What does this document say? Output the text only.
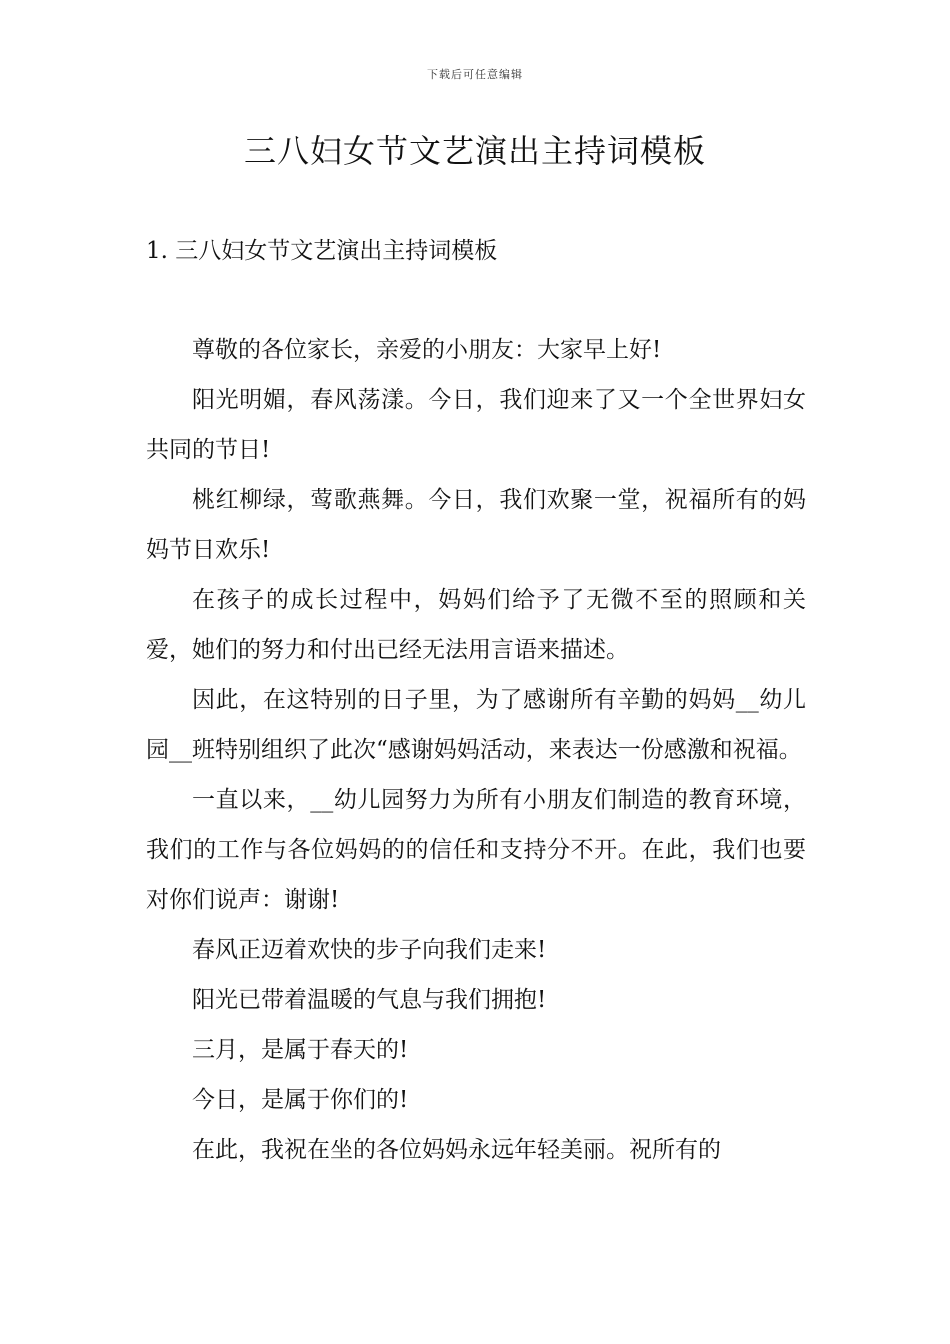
下载后可任意编辑
三八妇女节文艺演出主持词模板
1. 三八妇女节文艺演出主持词模板

尊敬的各位家长，亲爱的小朋友：大家早上好!

阳光明媚，春风荡漾。今日，我们迎来了又一个全世界妇女共同的节日!

桃红柳绿，莺歌燕舞。今日，我们欢聚一堂，祝福所有的妈妈节日欢乐!

在孩子的成长过程中，妈妈们给予了无微不至的照顾和关爱，她们的努力和付出已经无法用言语来描述。

因此，在这特别的日子里，为了感谢所有辛勤的妈妈__幼儿园__班特别组织了此次“感谢妈妈活动，来表达一份感激和祝福。

一直以来，__幼儿园努力为所有小朋友们制造的教育环境，我们的工作与各位妈妈的的信任和支持分不开。在此，我们也要对你们说声：谢谢!

春风正迈着欢快的步子向我们走来!

阳光已带着温暖的气息与我们拥抱!

三月，是属于春天的!

今日，是属于你们的!

在此，我祝在坐的各位妈妈永远年轻美丽。祝所有的
